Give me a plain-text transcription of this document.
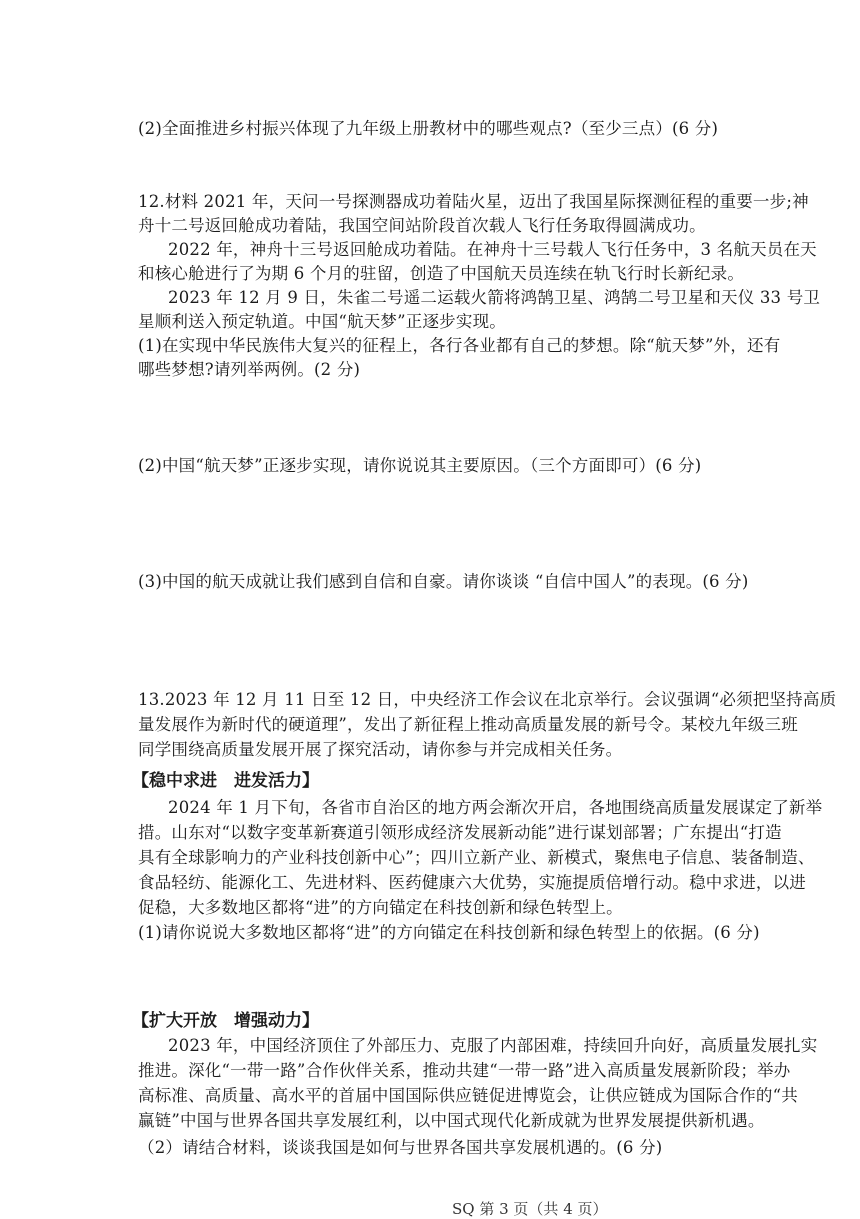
(2)全面推进乡村振兴体现了九年级上册教材中的哪些观点?（至少三点）(6 分)
12.材料 2021 年，天问一号探测器成功着陆火星，迈出了我国星际探测征程的重要一步;神
舟十二号返回舱成功着陆，我国空间站阶段首次载人飞行任务取得圆满成功。
2022 年，神舟十三号返回舱成功着陆。在神舟十三号载人飞行任务中，3 名航天员在天
和核心舱进行了为期 6 个月的驻留，创造了中国航天员连续在轨飞行时长新纪录。
2023 年 12 月 9 日，朱雀二号遥二运载火箭将鸿鹄卫星、鸿鹄二号卫星和天仪 33 号卫
星顺利送入预定轨道。中国“航天梦”正逐步实现。
(1)在实现中华民族伟大复兴的征程上，各行各业都有自己的梦想。除“航天梦”外，还有
哪些梦想?请列举两例。(2 分)
(2)中国“航天梦”正逐步实现，请你说说其主要原因。（三个方面即可）(6 分)
(3)中国的航天成就让我们感到自信和自豪。请你谈谈 “自信中国人”的表现。(6 分)
13.2023 年 12 月 11 日至 12 日，中央经济工作会议在北京举行。会议强调“必须把坚持高质
量发展作为新时代的硬道理”，发出了新征程上推动高质量发展的新号令。某校九年级三班
同学围绕高质量发展开展了探究活动，请你参与并完成相关任务。
【稳中求进　进发活力】
2024 年 1 月下旬，各省市自治区的地方两会渐次开启，各地围绕高质量发展谋定了新举
措。山东对“以数字变革新赛道引领形成经济发展新动能”进行谋划部署；广东提出“打造
具有全球影响力的产业科技创新中心”；四川立新产业、新模式，聚焦电子信息、装备制造、
食品轻纺、能源化工、先进材料、医药健康六大优势，实施提质倍增行动。稳中求进，以进
促稳，大多数地区都将“进”的方向锚定在科技创新和绿色转型上。
(1)请你说说大多数地区都将“进”的方向锚定在科技创新和绿色转型上的依据。(6 分)
【扩大开放　增强动力】
2023 年，中国经济顶住了外部压力、克服了内部困难，持续回升向好，高质量发展扎实
推进。深化“一带一路”合作伙伴关系，推动共建“一带一路”进入高质量发展新阶段；举办
高标准、高质量、高水平的首届中国国际供应链促进博览会，让供应链成为国际合作的“共
赢链”中国与世界各国共享发展红利，以中国式现代化新成就为世界发展提供新机遇。
（2）请结合材料，谈谈我国是如何与世界各国共享发展机遇的。(6 分)
SQ 第 3 页（共 4 页）
